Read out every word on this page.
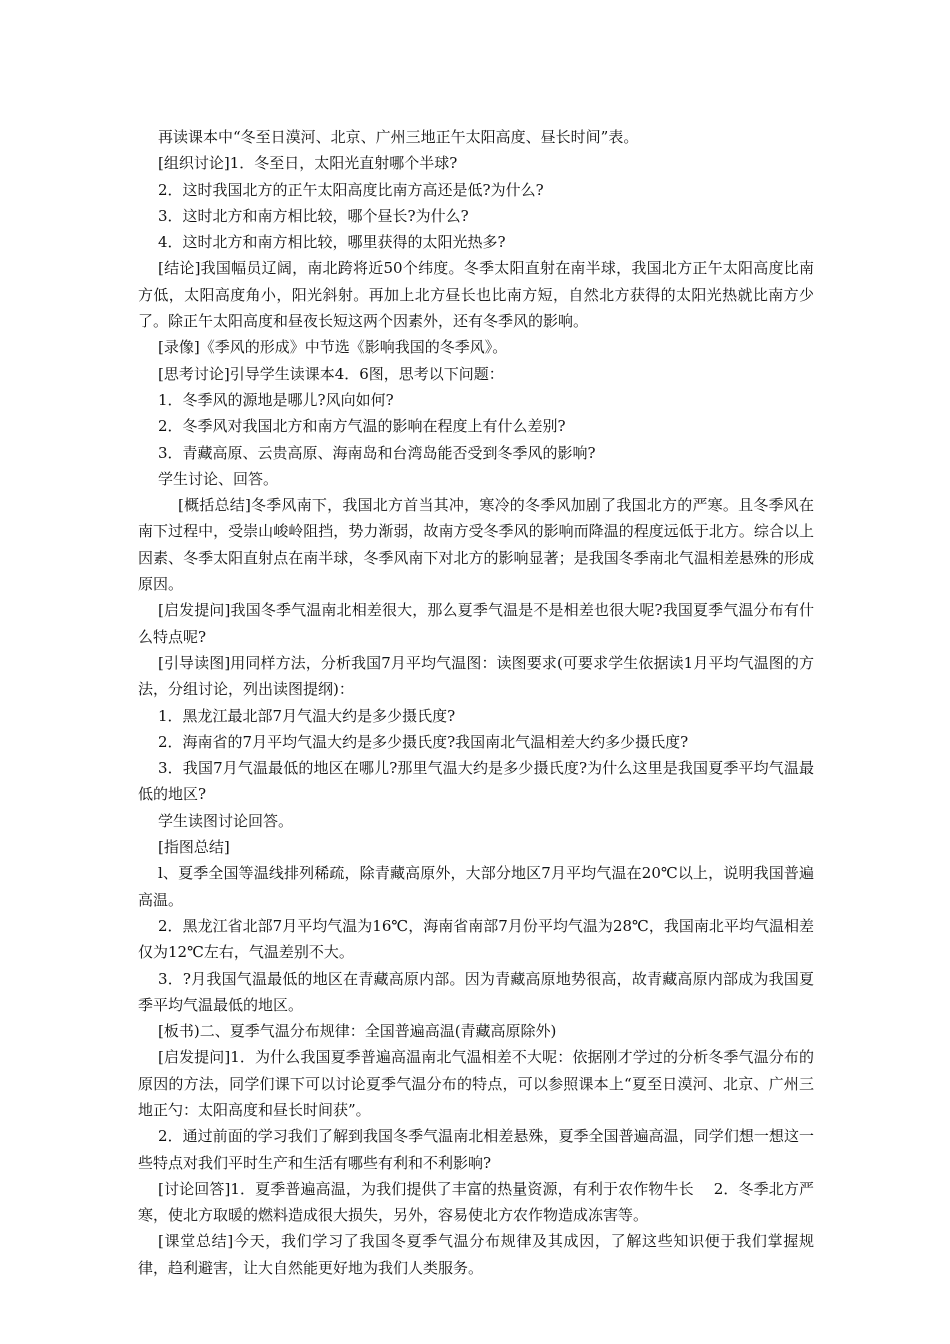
再读课本中“冬至日漠河、北京、广州三地正午太阳高度、昼长时间”表。

[组织讨论]1．冬至日，太阳光直射哪个半球?

2．这时我国北方的正午太阳高度比南方高还是低?为什么?

3．这时北方和南方相比较，哪个昼长?为什么?

4．这时北方和南方相比较，哪里获得的太阳光热多?

[结论]我国幅员辽阔，南北跨将近50个纬度。冬季太阳直射在南半球，我国北方正午太阳高度比南方低，太阳高度角小，阳光斜射。再加上北方昼长也比南方短，自然北方获得的太阳光热就比南方少了。除正午太阳高度和昼夜长短这两个因素外，还有冬季风的影响。

[录像]《季风的形成》中节选《影响我国的冬季风》。

[思考讨论]引导学生读课本4．6图，思考以下问题：

1．冬季风的源地是哪儿?风向如何?

2．冬季风对我国北方和南方气温的影响在程度上有什么差别?

3．青藏高原、云贵高原、海南岛和台湾岛能否受到冬季风的影响?

学生讨论、回答。

[概括总结]冬季风南下，我国北方首当其冲，寒冷的冬季风加剧了我国北方的严寒。且冬季风在南下过程中，受崇山峻岭阻挡，势力渐弱，故南方受冬季风的影响而降温的程度远低于北方。综合以上因素、冬季太阳直射点在南半球，冬季风南下对北方的影响显著；是我国冬季南北气温相差悬殊的形成原因。

[启发提问]我国冬季气温南北相差很大，那么夏季气温是不是相差也很大呢?我国夏季气温分布有什么特点呢?

[引导读图]用同样方法，分析我国7月平均气温图：读图要求(可要求学生依据读1月平均气温图的方法，分组讨论，列出读图提纲)：

1．黑龙江最北部7月气温大约是多少摄氏度?

2．海南省的7月平均气温大约是多少摄氏度?我国南北气温相差大约多少摄氏度?

3．我国7月气温最低的地区在哪儿?那里气温大约是多少摄氏度?为什么这里是我国夏季平均气温最低的地区?

学生读图讨论回答。

[指图总结]

l、夏季全国等温线排列稀疏，除青藏高原外，大部分地区7月平均气温在20℃以上，说明我国普遍高温。

2．黑龙江省北部7月平均气温为16℃，海南省南部7月份平均气温为28℃，我国南北平均气温相差仅为12℃左右，气温差别不大。

3．?月我国气温最低的地区在青藏高原内部。因为青藏高原地势很高，故青藏高原内部成为我国夏季平均气温最低的地区。

[板书)二、夏季气温分布规律：全国普遍高温(青藏高原除外)

[启发提问]1．为什么我国夏季普遍高温南北气温相差不大呢：依据刚才学过的分析冬季气温分布的原因的方法，同学们课下可以讨论夏季气温分布的特点，可以参照课本上“夏至日漠河、北京、广州三地正勺：太阳高度和昼长时间获”。

2．通过前面的学习我们了解到我国冬季气温南北相差悬殊，夏季全国普遍高温，同学们想一想这一些特点对我们平时生产和生活有哪些有利和不利影响?

[讨论回答]1．夏季普遍高温，为我们提供了丰富的热量资源，有利于农作物牛长　 2．冬季北方严寒，使北方取暖的燃料造成很大损失，另外，容易使北方农作物造成冻害等。

[课堂总结]今天，我们学习了我国冬夏季气温分布规律及其成因，了解这些知识便于我们掌握规律，趋利避害，让大自然能更好地为我们人类服务。
